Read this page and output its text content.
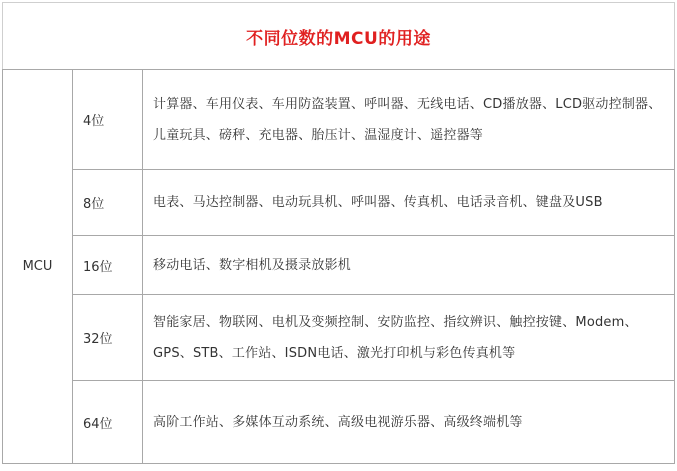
不同位数的MCU的用途
MCU	4位	计算器、车用仪表、车用防盗装置、呼叫器、无线电话、CD播放器、LCD驱动控制器、儿童玩具、磅秤、充电器、胎压计、温湿度计、遥控器等
	8位	电表、马达控制器、电动玩具机、呼叫器、传真机、电话录音机、键盘及USB
	16位	移动电话、数字相机及摄录放影机
	32位	智能家居、物联网、电机及变频控制、安防监控、指纹辨识、触控按键、Modem、GPS、STB、工作站、ISDN电话、激光打印机与彩色传真机等
	64位	高阶工作站、多媒体互动系统、高级电视游乐器、高级终端机等
